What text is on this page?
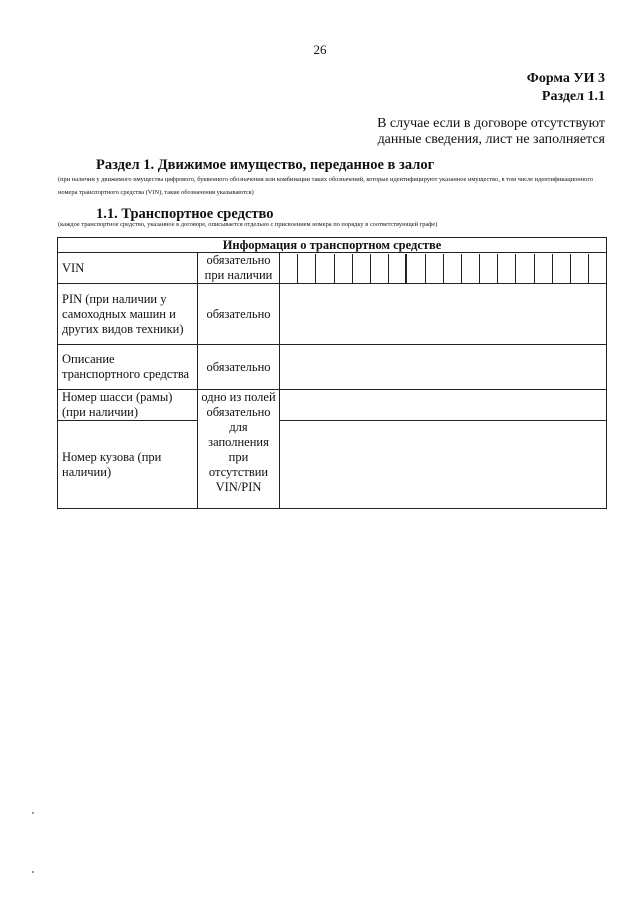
26
Форма УИ 3
Раздел 1.1
В случае если в договоре отсутствуют
данные сведения, лист не заполняется
Раздел 1. Движимое имущество, переданное в залог
(при наличии у движимого имущества цифрового, буквенного обозначения или комбинации таких обозначений, которые идентифицируют указанное имущество, в том числе идентификационного номера транспортного средства (VIN), такие обозначения указываются)
1.1. Транспортное средство
(каждое транспортное средство, указанное в договоре, описывается отдельно с присвоением номера по порядку в соответствующей графе)
Информация о транспортном средстве		
VIN	обязательно при наличии	

PIN (при наличии у самоходных машин и других видов техники)	обязательно	
Описание транспортного средства	обязательно	
Номер шасси (рамы) (при наличии)	одно из полей обязательно для заполнения при отсутствии VIN/PIN	
Номер кузова (при наличии)		
